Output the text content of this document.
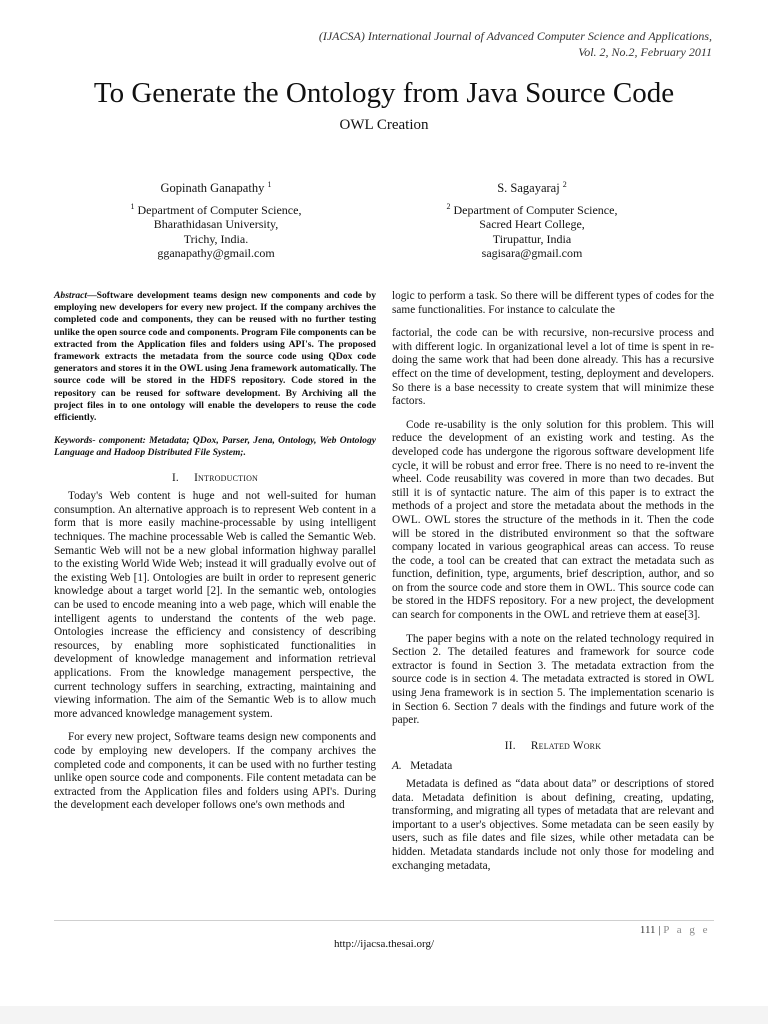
(IJACSA) International Journal of Advanced Computer Science and Applications,
Vol. 2, No.2, February 2011
To Generate the Ontology from Java Source Code
OWL Creation
Gopinath Ganapathy $^1$
$^1$ Department of Computer Science,
Bharathidasan University,
Trichy, India.
gganapathy@gmail.com
S. Sagayaraj $^2$
$^2$ Department of Computer Science,
Sacred Heart College,
Tirupattur, India
sagisara@gmail.com

Abstract—Software development teams design new components and code by employing new developers for every new project. If the company archives the completed code and components, they can be reused with no further testing unlike the open source code and components. Program File components can be extracted from the Application files and folders using API's. The proposed framework extracts the metadata from the source code using QDox code generators and stores it in the OWL using Jena framework automatically. The source code will be stored in the HDFS repository. Code stored in the repository can be reused for software development. By Archiving all the project files in to one ontology will enable the developers to reuse the code efficiently.

Keywords- component: Metadata; QDox, Parser, Jena, Ontology, Web Ontology Language and Hadoop Distributed File System;.

I. Introduction

Today's Web content is huge and not well-suited for human consumption. An alternative approach is to represent Web content in a form that is more easily machine-processable by using intelligent techniques. The machine processable Web is called the Semantic Web. Semantic Web will not be a new global information highway parallel to the existing World Wide Web; instead it will gradually evolve out of the existing Web [1]. Ontologies are built in order to represent generic knowledge about a target world [2]. In the semantic web, ontologies can be used to encode meaning into a web page, which will enable the intelligent agents to understand the contents of the web page. Ontologies increase the efficiency and consistency of describing resources, by enabling more sophisticated functionalities in development of knowledge management and information retrieval applications. From the knowledge management perspective, the current technology suffers in searching, extracting, maintaining and viewing information. The aim of the Semantic Web is to allow much more advanced knowledge management system.

For every new project, Software teams design new components and code by employing new developers. If the company archives the completed code and components, it can be used with no further testing unlike open source code and components. File content metadata can be extracted from the Application files and folders using API's. During the development each developer follows one's own methods and

logic to perform a task. So there will be different types of codes for the same functionalities. For instance to calculate the

factorial, the code can be with recursive, non-recursive process and with different logic. In organizational level a lot of time is spent in re-doing the same work that had been done already. This has a recursive effect on the time of development, testing, deployment and developers. So there is a base necessity to create system that will minimize these factors.

Code re-usability is the only solution for this problem. This will reduce the development of an existing work and testing. As the developed code has undergone the rigorous software development life cycle, it will be robust and error free. There is no need to re-invent the wheel. Code reusability was covered in more than two decades. But still it is of syntactic nature. The aim of this paper is to extract the methods of a project and store the metadata about the methods in the OWL. OWL stores the structure of the methods in it. Then the code will be stored in the distributed environment so that the software company located in various geographical areas can access. To reuse the code, a tool can be created that can extract the metadata such as function, definition, type, arguments, brief description, author, and so on from the source code and store them in OWL. This source code can be stored in the HDFS repository. For a new project, the development can search for components in the OWL and retrieve them at ease[3].

The paper begins with a note on the related technology required in Section 2. The detailed features and framework for source code extractor is found in Section 3. The metadata extraction from the source code is in section 4. The metadata extracted is stored in OWL using Jena framework is in section 5. The implementation scenario is in Section 6. Section 7 deals with the findings and future work of the paper.

II. Related Work

A. Metadata

Metadata is defined as “data about data” or descriptions of stored data. Metadata definition is about defining, creating, updating, transforming, and migrating all types of metadata that are relevant and important to a user's objectives. Some metadata can be seen easily by users, such as file dates and file sizes, while other metadata can be hidden. Metadata standards include not only those for modeling and exchanging metadata,

111 | P a g e
http://ijacsa.thesai.org/
